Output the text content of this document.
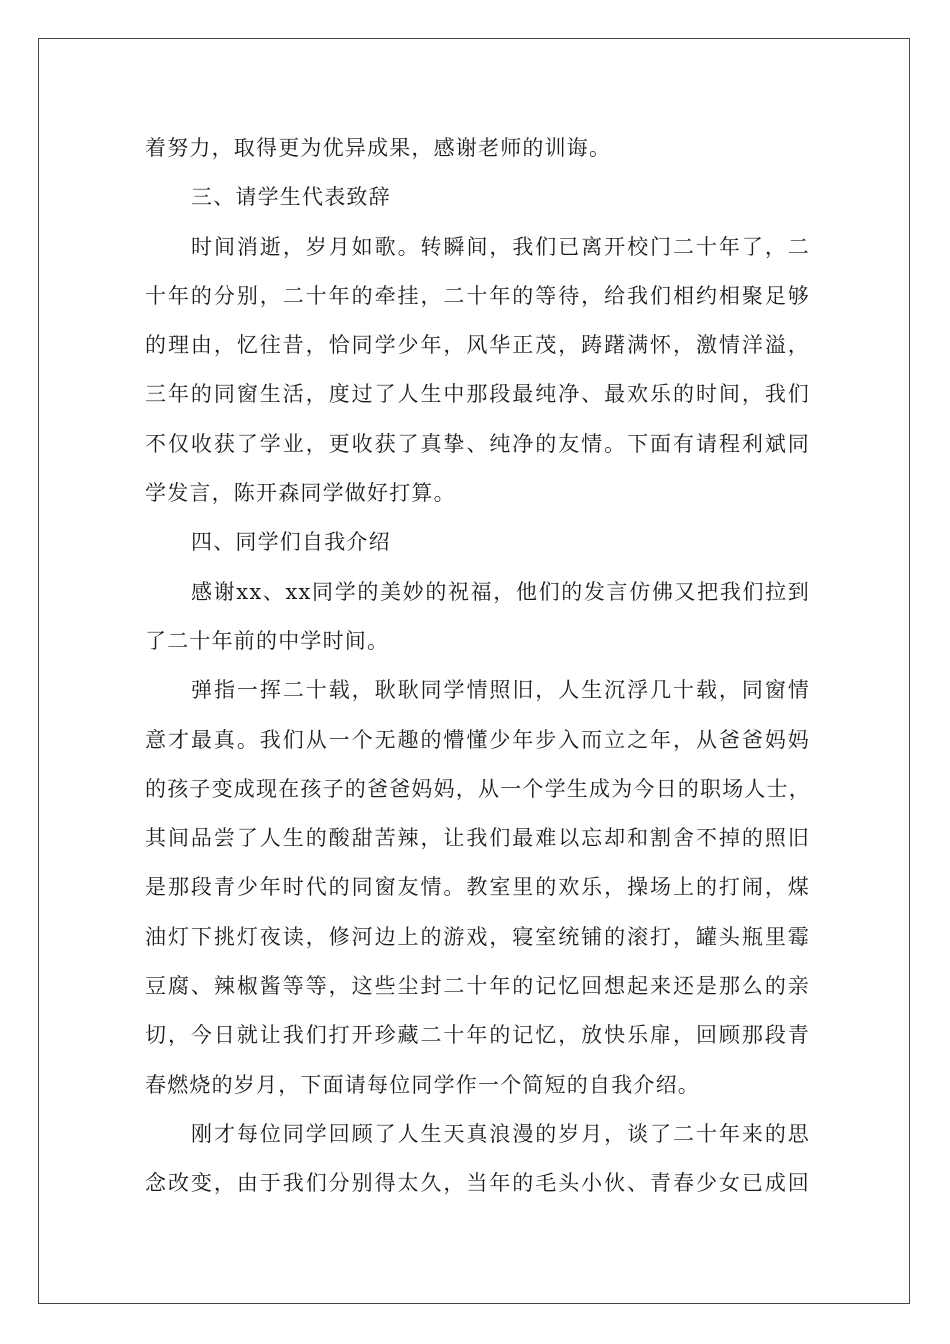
着努力，取得更为优异成果，感谢老师的训诲。
三、请学生代表致辞
时间消逝，岁月如歌。转瞬间，我们已离开校门二十年了，二
十年的分别，二十年的牵挂，二十年的等待，给我们相约相聚足够
的理由，忆往昔，恰同学少年，风华正茂，踌躇满怀，激情洋溢，
三年的同窗生活，度过了人生中那段最纯净、最欢乐的时间，我们
不仅收获了学业，更收获了真挚、纯净的友情。下面有请程利斌同
学发言，陈开森同学做好打算。
四、同学们自我介绍
感谢xx、xx同学的美妙的祝福，他们的发言仿佛又把我们拉到
了二十年前的中学时间。
弹指一挥二十载，耿耿同学情照旧，人生沉浮几十载，同窗情
意才最真。我们从一个无趣的懵懂少年步入而立之年，从爸爸妈妈
的孩子变成现在孩子的爸爸妈妈，从一个学生成为今日的职场人士，
其间品尝了人生的酸甜苦辣，让我们最难以忘却和割舍不掉的照旧
是那段青少年时代的同窗友情。教室里的欢乐，操场上的打闹，煤
油灯下挑灯夜读，修河边上的游戏，寝室统铺的滚打，罐头瓶里霉
豆腐、辣椒酱等等，这些尘封二十年的记忆回想起来还是那么的亲
切，今日就让我们打开珍藏二十年的记忆，放快乐扉，回顾那段青
春燃烧的岁月，下面请每位同学作一个简短的自我介绍。
刚才每位同学回顾了人生天真浪漫的岁月，谈了二十年来的思
念改变，由于我们分别得太久，当年的毛头小伙、青春少女已成回
